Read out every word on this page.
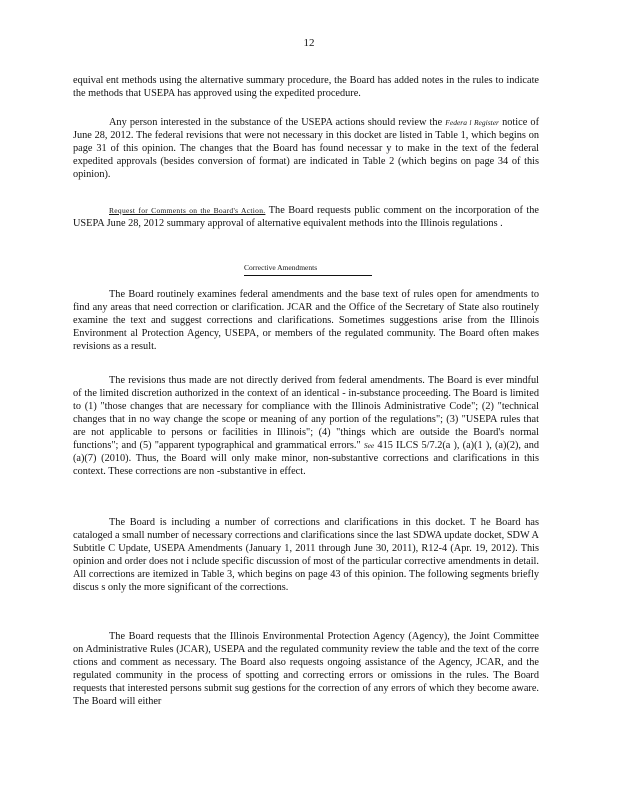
12

equival ent methods using the alternative summary procedure, the Board has added notes in the rules to indicate the methods that USEPA has approved using the expedited procedure.

Any person interested in the substance of the USEPA actions should review the Federa l Register notice of June 28, 2012. The federal revisions that were not necessary in this docket are listed in Table 1, which begins on page 31 of this opinion. The changes that the Board has found necessar y to make in the text of the federal expedited approvals (besides conversion of format) are indicated in Table 2 (which begins on page 34 of this opinion).

Request for Comments on the Board's Action. The Board requests public comment on the incorporation of the USEPA June 28, 2012 summary approval of alternative equivalent methods into the Illinois regulations .

Corrective Amendments

The Board routinely examines federal amendments and the base text of rules open for amendments to find any areas that need correction or clarification. JCAR and the Office of the Secretary of State also routinely examine the text and suggest corrections and clarifications. Sometimes suggestions arise from the Illinois Environment al Protection Agency, USEPA, or members of the regulated community. The Board often makes revisions as a result.

The revisions thus made are not directly derived from federal amendments. The Board is ever mindful of the limited discretion authorized in the context of an identical - in-substance proceeding. The Board is limited to (1) "those changes that are necessary for compliance with the Illinois Administrative Code"; (2) "technical changes that in no way change the scope or meaning of any portion of the regulations"; (3) "USEPA rules that are not applicable to persons or facilities in Illinois"; (4) "things which are outside the Board's normal functions"; and (5) "apparent typographical and grammatical errors." See 415 ILCS 5/7.2(a ), (a)(1 ), (a)(2), and (a)(7) (2010). Thus, the Board will only make minor, non-substantive corrections and clarifications in this context. These corrections are non -substantive in effect.

The Board is including a number of corrections and clarifications in this docket. T he Board has cataloged a small number of necessary corrections and clarifications since the last SDWA update docket, SDW A Subtitle C Update, USEPA Amendments (January 1, 2011 through June 30, 2011), R12-4 (Apr. 19, 2012). This opinion and order does not i nclude specific discussion of most of the particular corrective amendments in detail. All corrections are itemized in Table 3, which begins on page 43 of this opinion. The following segments briefly discus s only the more significant of the corrections.

The Board requests that the Illinois Environmental Protection Agency (Agency), the Joint Committee on Administrative Rules (JCAR), USEPA and the regulated community review the table and the text of the corre ctions and comment as necessary. The Board also requests ongoing assistance of the Agency, JCAR, and the regulated community in the process of spotting and correcting errors or omissions in the rules. The Board requests that interested persons submit sug gestions for the correction of any errors of which they become aware. The Board will either
